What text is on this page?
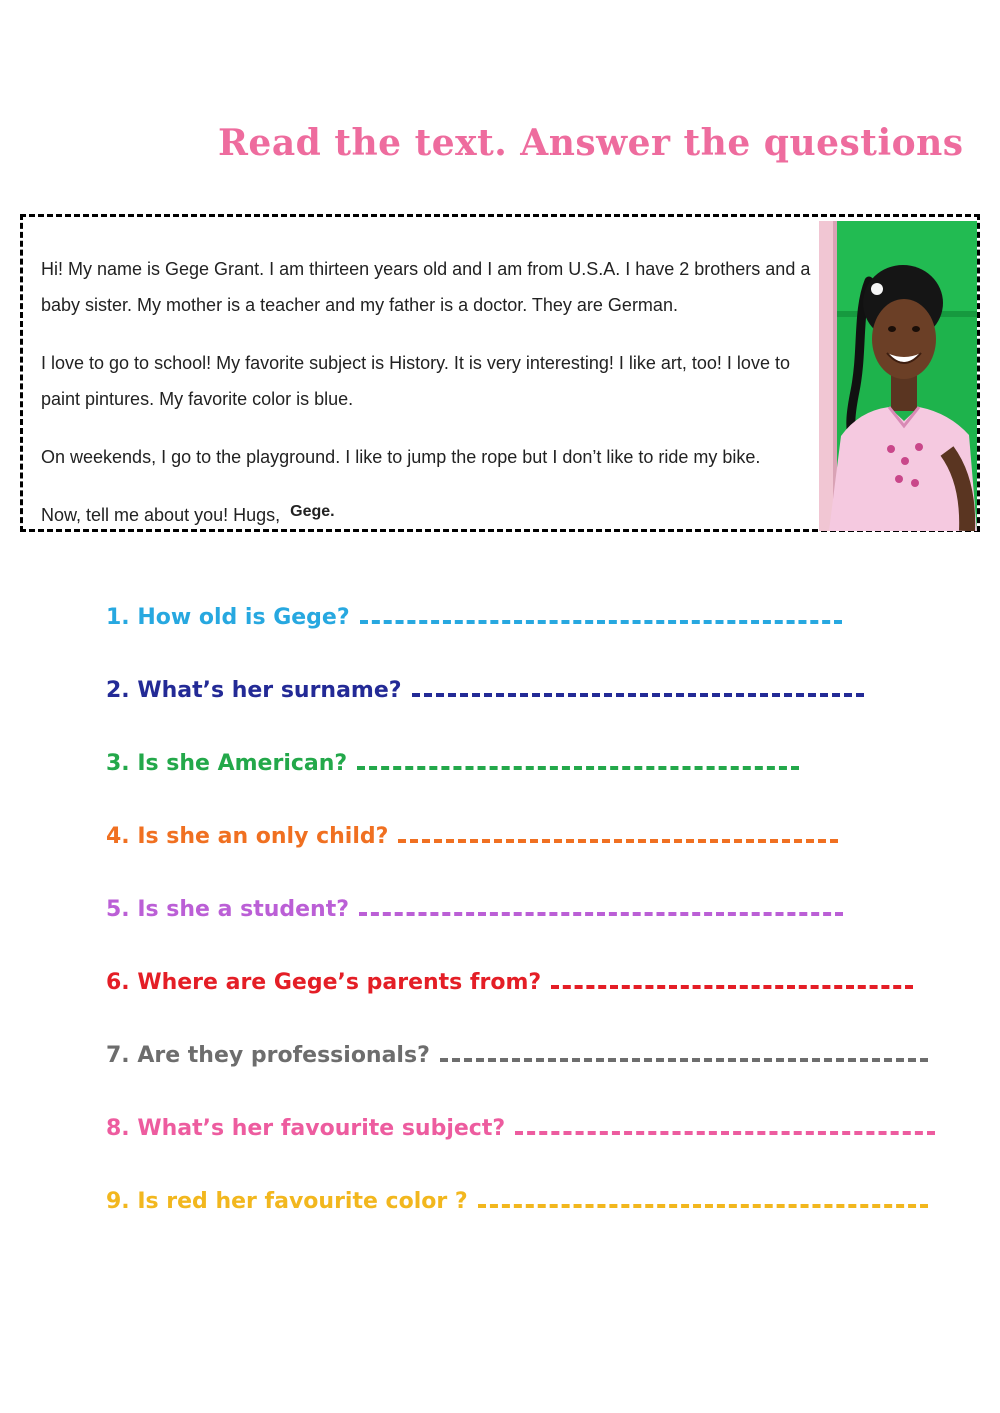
Read the text. Answer the questions

Hi! My name is Gege Grant. I am thirteen years old and I am from U.S.A. I have 2 brothers and a baby sister. My mother is a teacher and my father is a doctor. They are German.

I love to go to school! My favorite subject is History. It is very interesting! I like art, too! I love to paint pintures. My favorite color is blue.

On weekends, I go to the playground. I like to jump the rope but I don’t like to ride my bike.

Now, tell me about you! Hugs, Gege.

1. How old is Gege?
2. What’s her surname?
3. Is she American?
4. Is she an only child?
5. Is she a student?
6. Where are Gege’s parents from?
7. Are they professionals?
8. What’s her favourite subject?
9. Is red her favourite color ?
